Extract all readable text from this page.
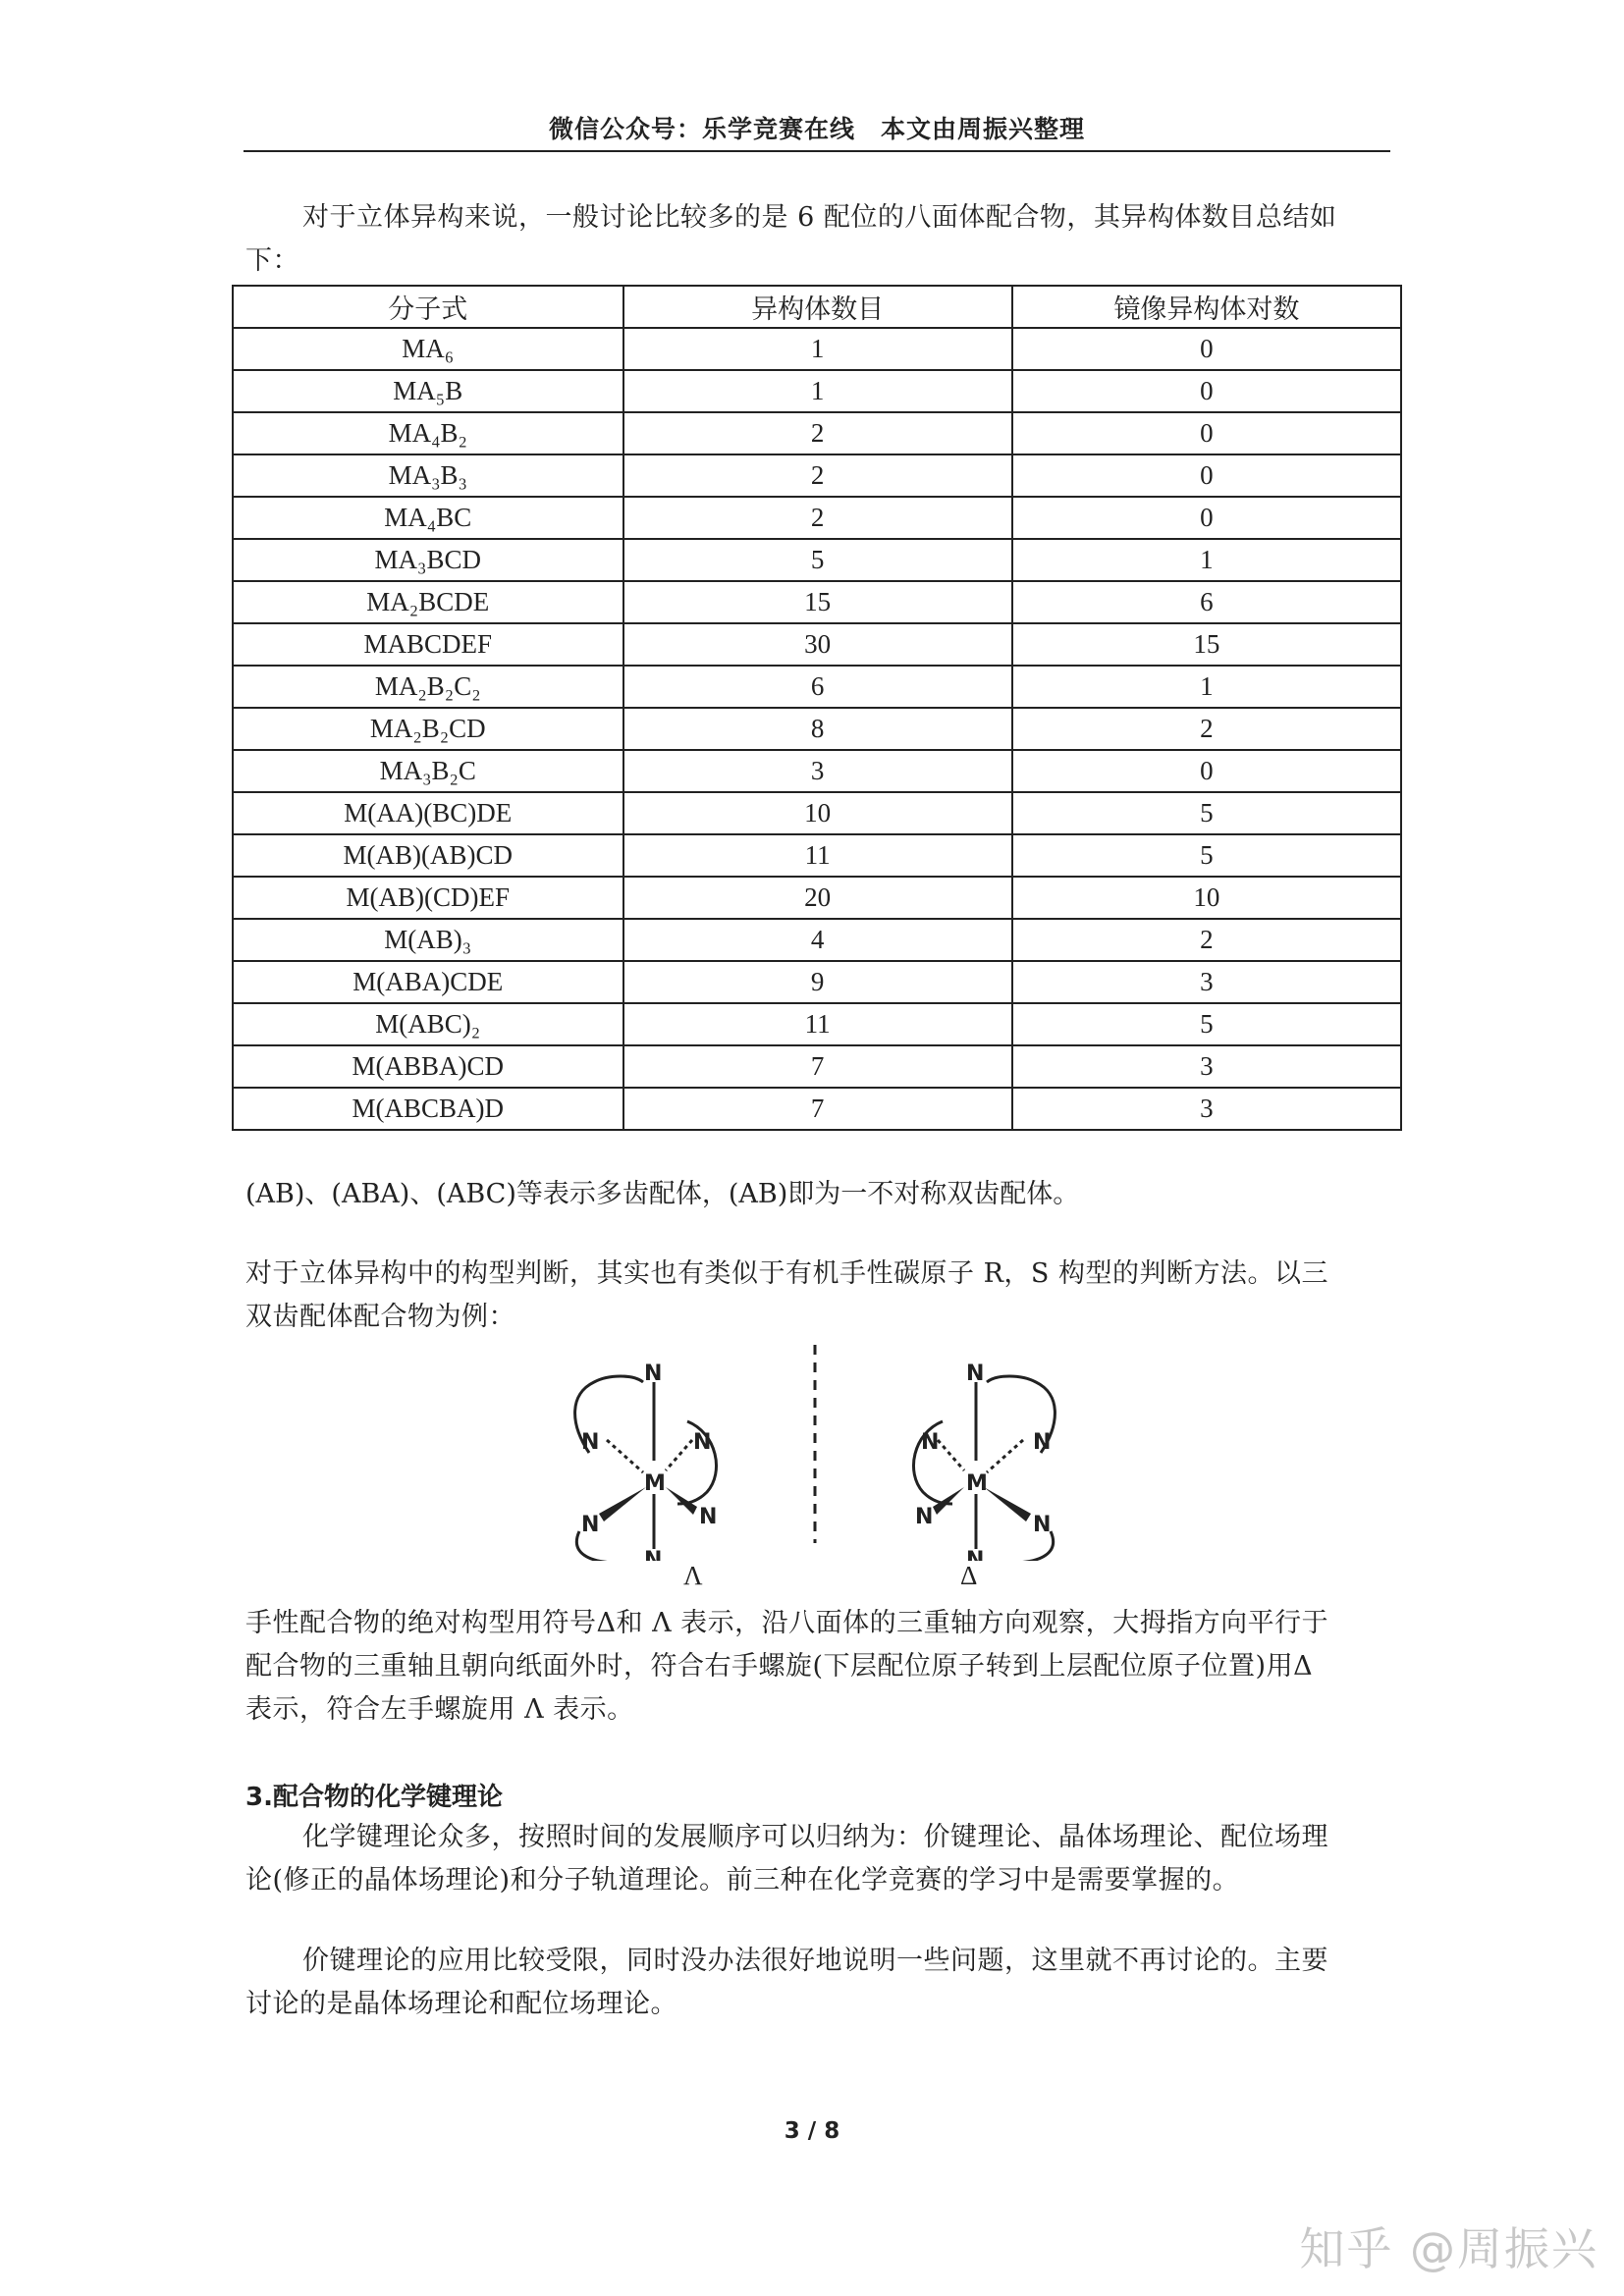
微信公众号：乐学竞赛在线　本文由周振兴整理
对于立体异构来说，一般讨论比较多的是 6 配位的八面体配合物，其异构体数目总结如
下：
分子式	异构体数目	镜像异构体对数
MA₆	1	0
MA₅B	1	0
MA₄B₂	2	0
MA₃B₃	2	0
MA₄BC	2	0
MA₃BCD	5	1
MA₂BCDE	15	6
MABCDEF	30	15
MA₂B₂C₂	6	1
MA₂B₂CD	8	2
MA₃B₂C	3	0
M(AA)(BC)DE	10	5
M(AB)(AB)CD	11	5
M(AB)(CD)EF	20	10
M(AB)₃	4	2
M(ABA)CDE	9	3
M(ABC)₂	11	5
M(ABBA)CD	7	3
M(ABCBA)D	7	3
(AB)、(ABA)、(ABC)等表示多齿配体，(AB)即为一不对称双齿配体。
对于立体异构中的构型判断，其实也有类似于有机手性碳原子 R，S 构型的判断方法。以三
双齿配体配合物为例：
N
N	N
M
N	N
N
N
N
N
M
N
N
N
Λ	Δ
手性配合物的绝对构型用符号Δ和 Λ 表示，沿八面体的三重轴方向观察，大拇指方向平行于
配合物的三重轴且朝向纸面外时，符合右手螺旋(下层配位原子转到上层配位原子位置)用Δ
表示，符合左手螺旋用 Λ 表示。
3.配合物的化学键理论
化学键理论众多，按照时间的发展顺序可以归纳为：价键理论、晶体场理论、配位场理
论(修正的晶体场理论)和分子轨道理论。前三种在化学竞赛的学习中是需要掌握的。
价键理论的应用比较受限，同时没办法很好地说明一些问题，这里就不再讨论的。主要
讨论的是晶体场理论和配位场理论。
3 / 8
知乎 @周振兴
